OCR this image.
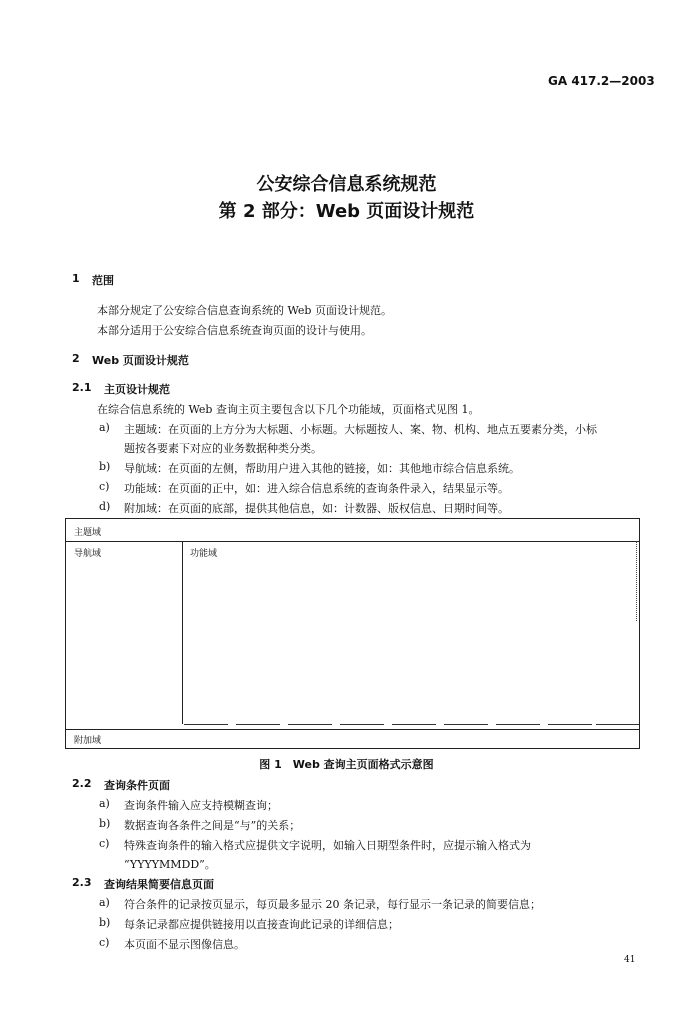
GA 417.2—2003
公安综合信息系统规范
第 2 部分：Web 页面设计规范
1 范围
本部分规定了公安综合信息查询系统的 Web 页面设计规范。
本部分适用于公安综合信息系统查询页面的设计与使用。
2 Web 页面设计规范
2.1 主页设计规范
在综合信息系统的 Web 查询主页主要包含以下几个功能域，页面格式见图 1。
a) 主题域：在页面的上方分为大标题、小标题。大标题按人、案、物、机构、地点五要素分类，小标
题按各要素下对应的业务数据种类分类。
b) 导航域：在页面的左侧，帮助用户进入其他的链接，如：其他地市综合信息系统。
c) 功能域：在页面的正中，如：进入综合信息系统的查询条件录入，结果显示等。
d) 附加域：在页面的底部，提供其他信息，如：计数器、版权信息、日期时间等。
主题域
导航域	功能域
附加域
图 1　Web 查询主页面格式示意图
2.2 查询条件页面
a) 查询条件输入应支持模糊查询；
b) 数据查询各条件之间是“与”的关系；
c) 特殊查询条件的输入格式应提供文字说明，如输入日期型条件时，应提示输入格式为
“YYYYMMDD”。
2.3 查询结果简要信息页面
a) 符合条件的记录按页显示，每页最多显示 20 条记录，每行显示一条记录的简要信息；
b) 每条记录都应提供链接用以直接查询此记录的详细信息；
c) 本页面不显示图像信息。
41
